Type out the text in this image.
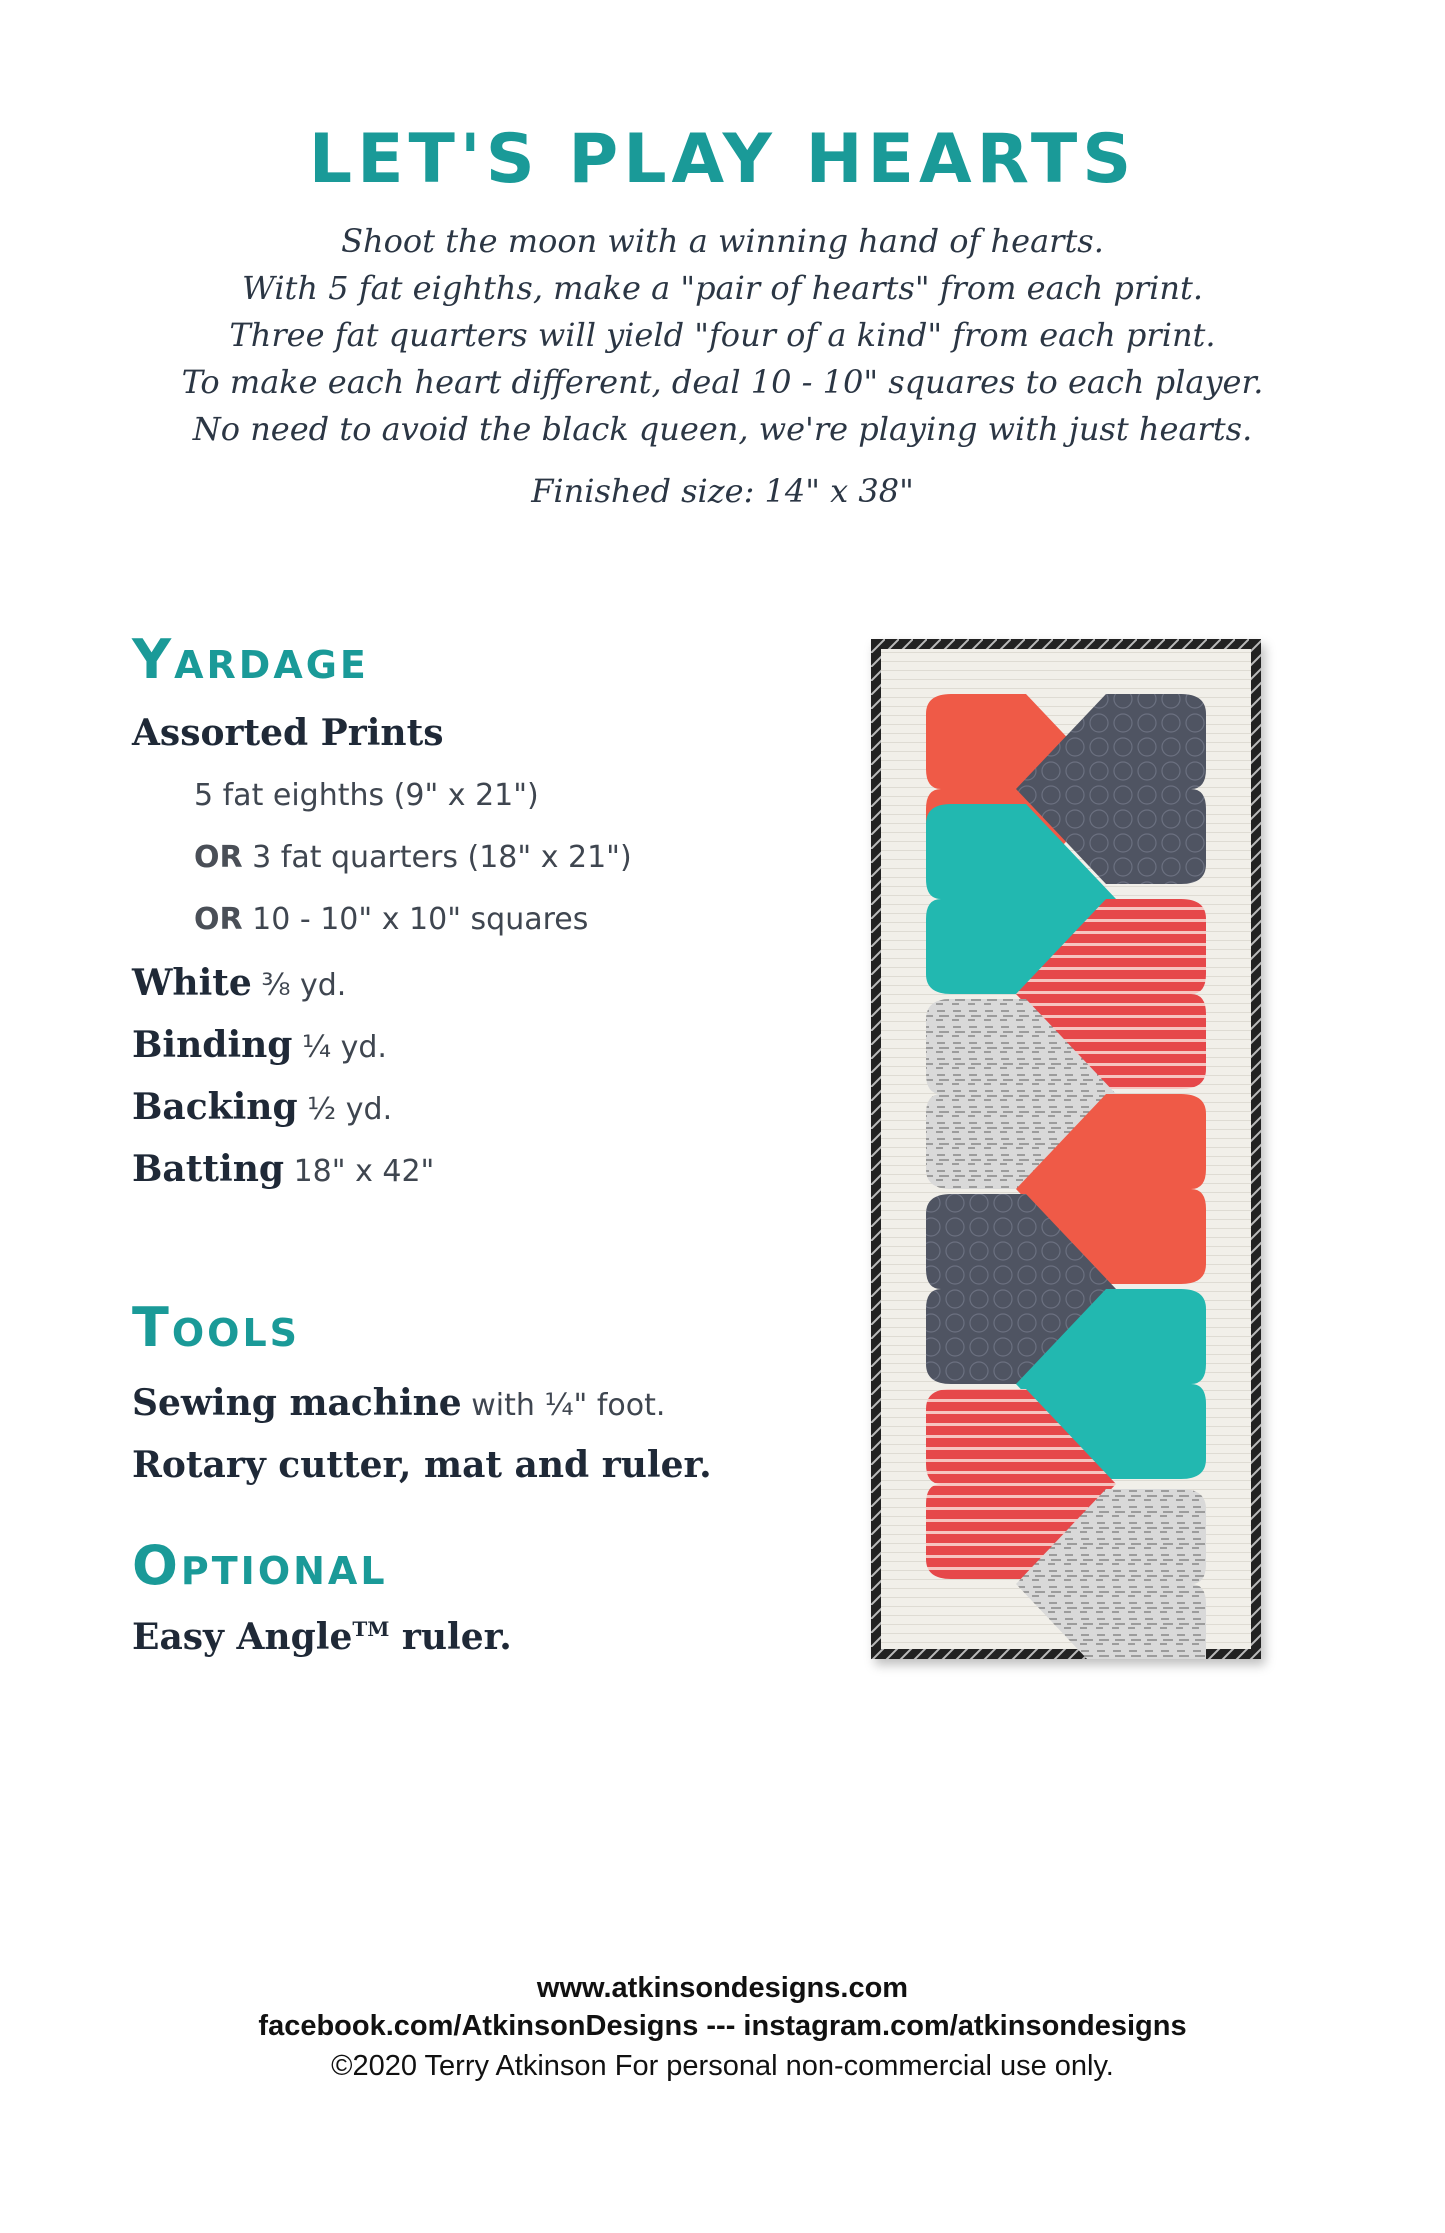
LET'S PLAY HEARTS
Shoot the moon with a winning hand of hearts.
With 5 fat eighths, make a "pair of hearts" from each print.
Three fat quarters will yield "four of a kind" from each print.
To make each heart different, deal 10 - 10" squares to each player.
No need to avoid the black queen, we're playing with just hearts.
Finished size: 14" x 38"
Yardage
Assorted Prints
5 fat eighths (9" x 21")
OR 3 fat quarters (18" x 21")
OR 10 - 10" x 10" squares
White ⅜ yd.
Binding ¼ yd.
Backing ½ yd.
Batting 18" x 42"
Tools
Sewing machine with ¼" foot.
Rotary cutter, mat and ruler.
Optional
Easy Angle™ ruler.
www.atkinsondesigns.com
facebook.com/AtkinsonDesigns --- instagram.com/atkinsondesigns
©2020 Terry Atkinson For personal non-commercial use only.
